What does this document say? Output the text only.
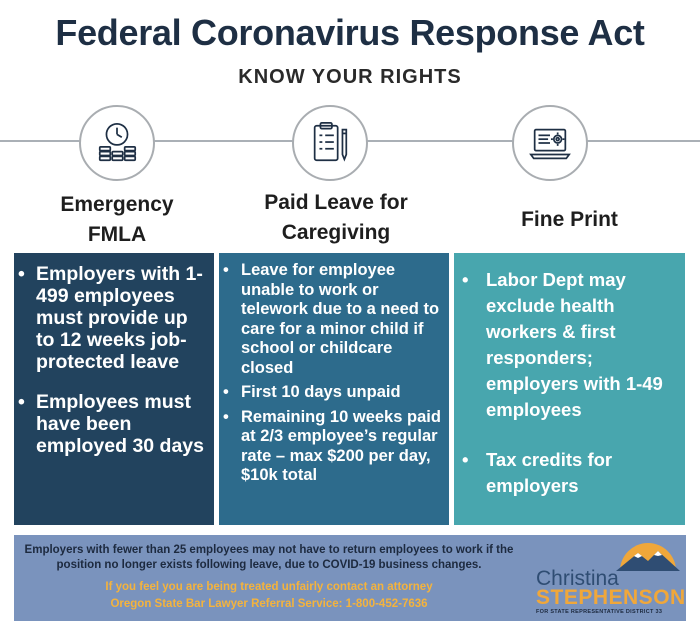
Federal Coronavirus Response Act
KNOW YOUR RIGHTS
Emergency
FMLA
Paid Leave for
Caregiving
Fine Print
• Employers with 1-499 employees must provide up to 12 weeks job-protected leave
• Employees must have been employed 30 days
• Leave for employee unable to work or telework due to a need to care for a minor child if school or childcare closed
• First 10 days unpaid
• Remaining 10 weeks paid at 2/3 employee’s regular rate – max $200 per day, $10k total
• Labor Dept may exclude health workers & first responders; employers with 1-49 employees
• Tax credits for employers
Employers with fewer than 25 employees may not have to return employees to work if the position no longer exists following leave, due to COVID-19 business changes.
If you feel you are being treated unfairly contact an attorney
Oregon State Bar Lawyer Referral Service: 1-800-452-7636
Christina
STEPHENSON
FOR STATE REPRESENTATIVE DISTRICT 33
